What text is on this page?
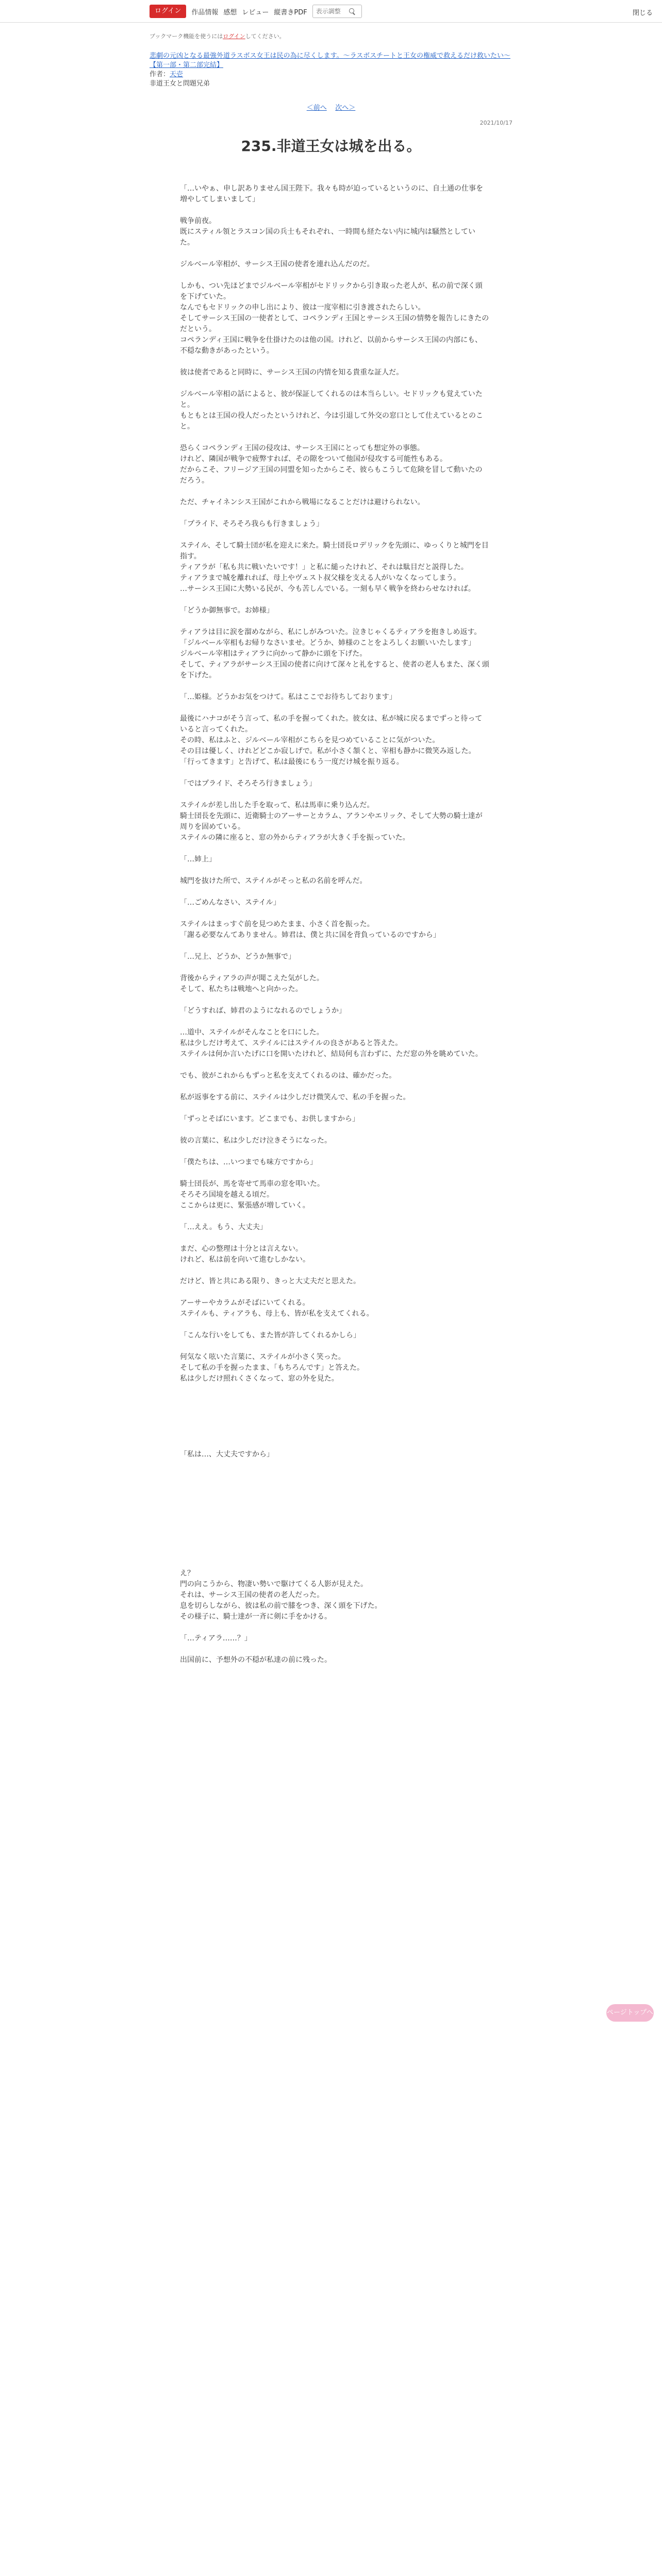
ログイン	作品情報 感想 レビュー 縦書きPDF
表示調整	閉じる
ブックマーク機能を使うにはログインしてください。
悲劇の元凶となる最強外道ラスボス女王は民の為に尽くします。〜ラスボスチートと王女の権威で救えるだけ救いたい〜【第一部・第二部完結】
作者：天壱
非道王女と問題兄弟
＜前へ 次へ＞
2021/10/17
235.非道王女は城を出る。

「…いやぁ、申し訳ありません国王陛下。我々も時が迫っているというのに、自土通の仕事を増やしてしまいまして」

戦争前夜。

既にスティル領とラスコン国の兵士もそれぞれ、一時間も経たない内に城内は騒然としていた。

ジルベール宰相が、サーシス王国の使者を連れ込んだのだ。

しかも、つい先ほどまでジルベール宰相がセドリックから引き取った老人が、私の前で深く頭を下げていた。

なんでもセドリックの申し出により、彼は一度宰相に引き渡されたらしい。

そしてサーシス王国の一使者として、コペランディ王国とサーシス王国の情勢を報告しにきたのだという。

コペランディ王国に戦争を仕掛けたのは他の国。けれど、以前からサーシス王国の内部にも、不穏な動きがあったという。

彼は使者であると同時に、サーシス王国の内情を知る貴重な証人だ。

ジルベール宰相の話によると、彼が保証してくれるのは本当らしい。セドリックも覚えていたと。

もともとは王国の役人だったというけれど、今は引退して外交の窓口として仕えているとのこと。

恐らくコペランディ王国の侵攻は、サーシス王国にとっても想定外の事態。

けれど、隣国が戦争で疲弊すれば、その隙をついて他国が侵攻する可能性もある。

だからこそ、フリージア王国の同盟を知ったからこそ、彼らもこうして危険を冒して動いたのだろう。

ただ、チャイネンシス王国がこれから戦場になることだけは避けられない。

「プライド、そろそろ我らも行きましょう」

ステイル、そして騎士団が私を迎えに来た。騎士団長ロデリックを先頭に、ゆっくりと城門を目指す。

ティアラが「私も共に戦いたいです！」と私に縋ったけれど、それは駄目だと説得した。

ティアラまで城を離れれば、母上やヴェスト叔父様を支える人がいなくなってしまう。

…サーシス王国に大勢いる民が、今も苦しんでいる。一刻も早く戦争を終わらせなければ。

「どうか御無事で。お姉様」

ティアラは目に涙を溜めながら、私にしがみついた。泣きじゃくるティアラを抱きしめ返す。

「ジルベール宰相もお帰りなさいませ。どうか、姉様のことをよろしくお願いいたします」

ジルベール宰相はティアラに向かって静かに頭を下げた。

そして、ティアラがサーシス王国の使者に向けて深々と礼をすると、使者の老人もまた、深く頭を下げた。

「…姫様。どうかお気をつけて。私はここでお待ちしております」

最後にハナコがそう言って、私の手を握ってくれた。彼女は、私が城に戻るまでずっと待っていると言ってくれた。

その時、私はふと、ジルベール宰相がこちらを見つめていることに気がついた。

その目は優しく、けれどどこか寂しげで。私が小さく頷くと、宰相も静かに微笑み返した。

「行ってきます」と告げて、私は最後にもう一度だけ城を振り返る。

「ではプライド、そろそろ行きましょう」

ステイルが差し出した手を取って、私は馬車に乗り込んだ。

騎士団長を先頭に、近衛騎士のアーサーとカラム、アランやエリック、そして大勢の騎士達が周りを固めている。

ステイルの隣に座ると、窓の外からティアラが大きく手を振っていた。

「…姉上」

城門を抜けた所で、ステイルがそっと私の名前を呼んだ。

「…ごめんなさい、ステイル」

ステイルはまっすぐ前を見つめたまま、小さく首を振った。

「謝る必要なんてありません。姉君は、僕と共に国を背負っているのですから」

「…兄上、どうか、どうか無事で」

背後からティアラの声が聞こえた気がした。

そして、私たちは戦地へと向かった。

「どうすれば、姉君のようになれるのでしょうか」

…道中、ステイルがそんなことを口にした。

私は少しだけ考えて、ステイルにはステイルの良さがあると答えた。

ステイルは何か言いたげに口を開いたけれど、結局何も言わずに、ただ窓の外を眺めていた。

でも、彼がこれからもずっと私を支えてくれるのは、確かだった。

私が返事をする前に、ステイルは少しだけ微笑んで、私の手を握った。

「ずっとそばにいます。どこまでも、お供しますから」

彼の言葉に、私は少しだけ泣きそうになった。

「僕たちは、…いつまでも味方ですから」

騎士団長が、馬を寄せて馬車の窓を叩いた。

そろそろ国境を越える頃だ。

ここからは更に、緊張感が増していく。

「…ええ。もう、大丈夫」

まだ、心の整理は十分とは言えない。

けれど、私は前を向いて進むしかない。

だけど、皆と共にある限り、きっと大丈夫だと思えた。

アーサーやカラムがそばにいてくれる。

ステイルも、ティアラも、母上も、皆が私を支えてくれる。

「こんな行いをしても、また皆が許してくれるかしら」

何気なく呟いた言葉に、ステイルが小さく笑った。

そして私の手を握ったまま、「もちろんです」と答えた。

私は少しだけ照れくさくなって、窓の外を見た。

「私は…、大丈夫ですから」

え？

門の向こうから、物凄い勢いで駆けてくる人影が見えた。

それは、サーシス王国の使者の老人だった。

息を切らしながら、彼は私の前で膝をつき、深く頭を下げた。

その様子に、騎士達が一斉に剣に手をかける。

「…ティアラ……？」

出国前に、予想外の不穏が私達の前に残った。

ページトップへ
